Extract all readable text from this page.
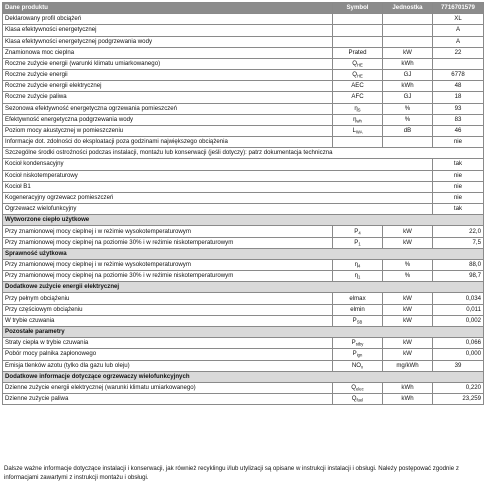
Dane produktu	Symbol	Jednostka	7716701579
Deklarowany profil obciążeń			XL
Klasa efektywności energetycznej			A
Klasa efektywności energetycznej podgrzewania wody			A
Znamionowa moc cieplna	Prated	kW	22
Roczne zużycie energii (warunki klimatu umiarkowanego)	$Q_{HE}$	kWh	
Roczne zużycie energii	$Q_{HE}$	GJ	6778
Roczne zużycie energii elektrycznej	AEC	kWh	48
Roczne zużycie paliwa	AFC	GJ	18
Sezonowa efektywność energetyczna ogrzewania pomieszczeń	$\eta_S$	%	93
Efektywność energetyczna podgrzewania wody	$\eta_{wh}$	%	83
Poziom mocy akustycznej w pomieszczeniu	$L_{WA}$	dB	46
Informacje dot. zdolności do eksploatacji poza godzinami największego obciążenia			nie
Szczególne środki ostrożności podczas instalacji, montażu lub konserwacji (jeśli dotyczy): patrz dokumentacja techniczna			
Kocioł kondensacyjny			tak
Kocioł niskotemperaturowy			nie
Kocioł B1			nie
Kogeneracyjny ogrzewacz pomieszczeń			nie
Ogrzewacz wielofunkcyjny			tak
Wytworzone ciepło użytkowe			
Przy znamionowej mocy cieplnej i w reżimie wysokotemperaturowym	$P_4$	kW	22,0
Przy znamionowej mocy cieplnej na poziomie 30% i w reżimie niskotemperaturowym	$P_1$	kW	7,5
Sprawność użytkowa			
Przy znamionowej mocy cieplnej i w reżimie wysokotemperaturowym	$\eta_4$	%	88,0
Przy znamionowej mocy cieplnej na poziomie 30% i w reżimie niskotemperaturowym	$\eta_1$	%	98,7
Dodatkowe zużycie energii elektrycznej			
Przy pełnym obciążeniu	elmax	kW	0,034
Przy częściowym obciążeniu	elmin	kW	0,011
W trybie czuwania	$P_{SB}$	kW	0,002
Pozostałe parametry			
Straty ciepła w trybie czuwania	$P_{stby}$	kW	0,066
Pobór mocy palnika zapłonowego	$P_{ign}$	kW	0,000
Emisja tlenków azotu (tylko dla gazu lub oleju)	$NO_x$	mg/kWh	39
Dodatkowe informacje dotyczące ogrzewaczy wielofunkcyjnych			
Dzienne zużycie energii elektrycznej (warunki klimatu umiarkowanego)	$Q_{elec}$	kWh	0,220
Dzienne zużycie paliwa	$Q_{fuel}$	kWh	23,259

Dalsze ważne informacje dotyczące instalacji i konserwacji, jak również recyklingu i/lub utylizacji są opisane w instrukcji instalacji i obsługi. Należy postępować zgodnie z informacjami zawartymi z instrukcji montażu i obsługi.
